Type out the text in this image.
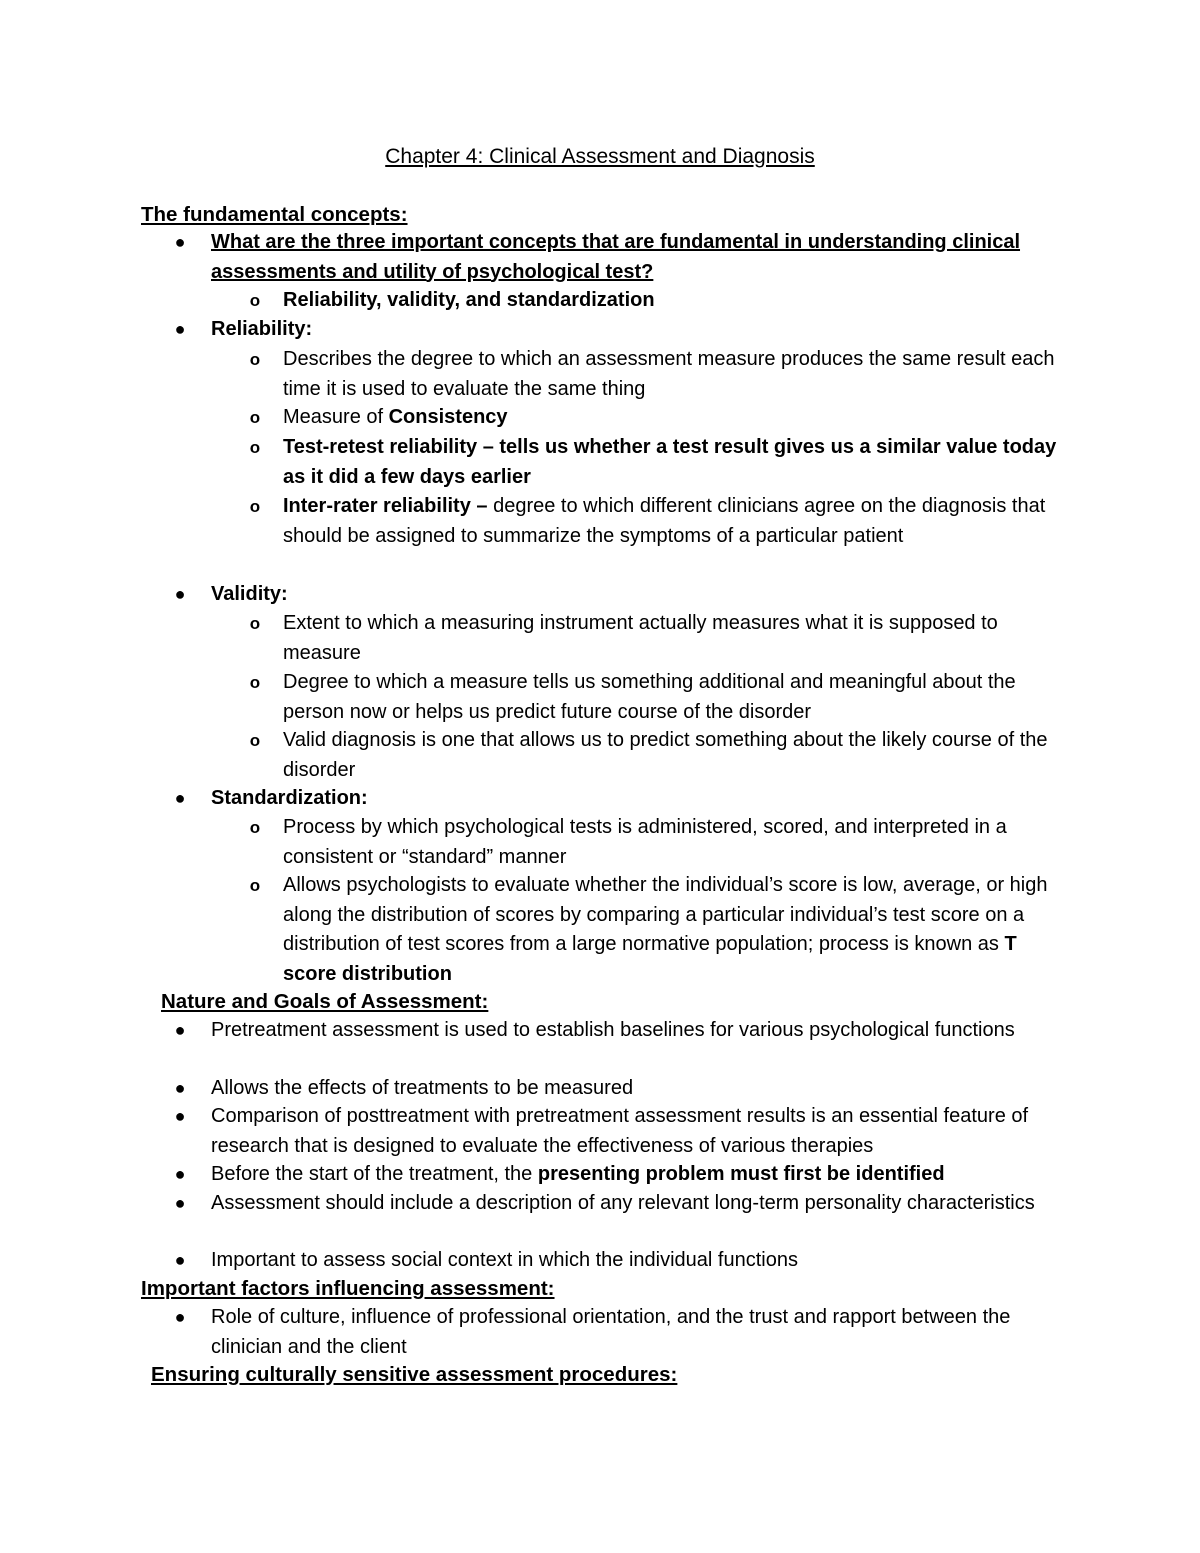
Chapter 4: Clinical Assessment and Diagnosis
The fundamental concepts:
● What are the three important concepts that are fundamental in understanding clinical assessments and utility of psychological test?
o Reliability, validity, and standardization
● Reliability:
o Describes the degree to which an assessment measure produces the same result each time it is used to evaluate the same thing
o Measure of Consistency
o Test-retest reliability – tells us whether a test result gives us a similar value today as it did a few days earlier
o Inter-rater reliability – degree to which different clinicians agree on the diagnosis that should be assigned to summarize the symptoms of a particular patient
● Validity:
o Extent to which a measuring instrument actually measures what it is supposed to measure
o Degree to which a measure tells us something additional and meaningful about the person now or helps us predict future course of the disorder
o Valid diagnosis is one that allows us to predict something about the likely course of the disorder
● Standardization:
o Process by which psychological tests is administered, scored, and interpreted in a consistent or “standard” manner
o Allows psychologists to evaluate whether the individual’s score is low, average, or high along the distribution of scores by comparing a particular individual’s test score on a distribution of test scores from a large normative population; process is known as T score distribution
Nature and Goals of Assessment:
● Pretreatment assessment is used to establish baselines for various psychological functions
● Allows the effects of treatments to be measured
● Comparison of posttreatment with pretreatment assessment results is an essential feature of research that is designed to evaluate the effectiveness of various therapies
● Before the start of the treatment, the presenting problem must first be identified
● Assessment should include a description of any relevant long-term personality characteristics
● Important to assess social context in which the individual functions
Important factors influencing assessment:
● Role of culture, influence of professional orientation, and the trust and rapport between the clinician and the client
Ensuring culturally sensitive assessment procedures:
